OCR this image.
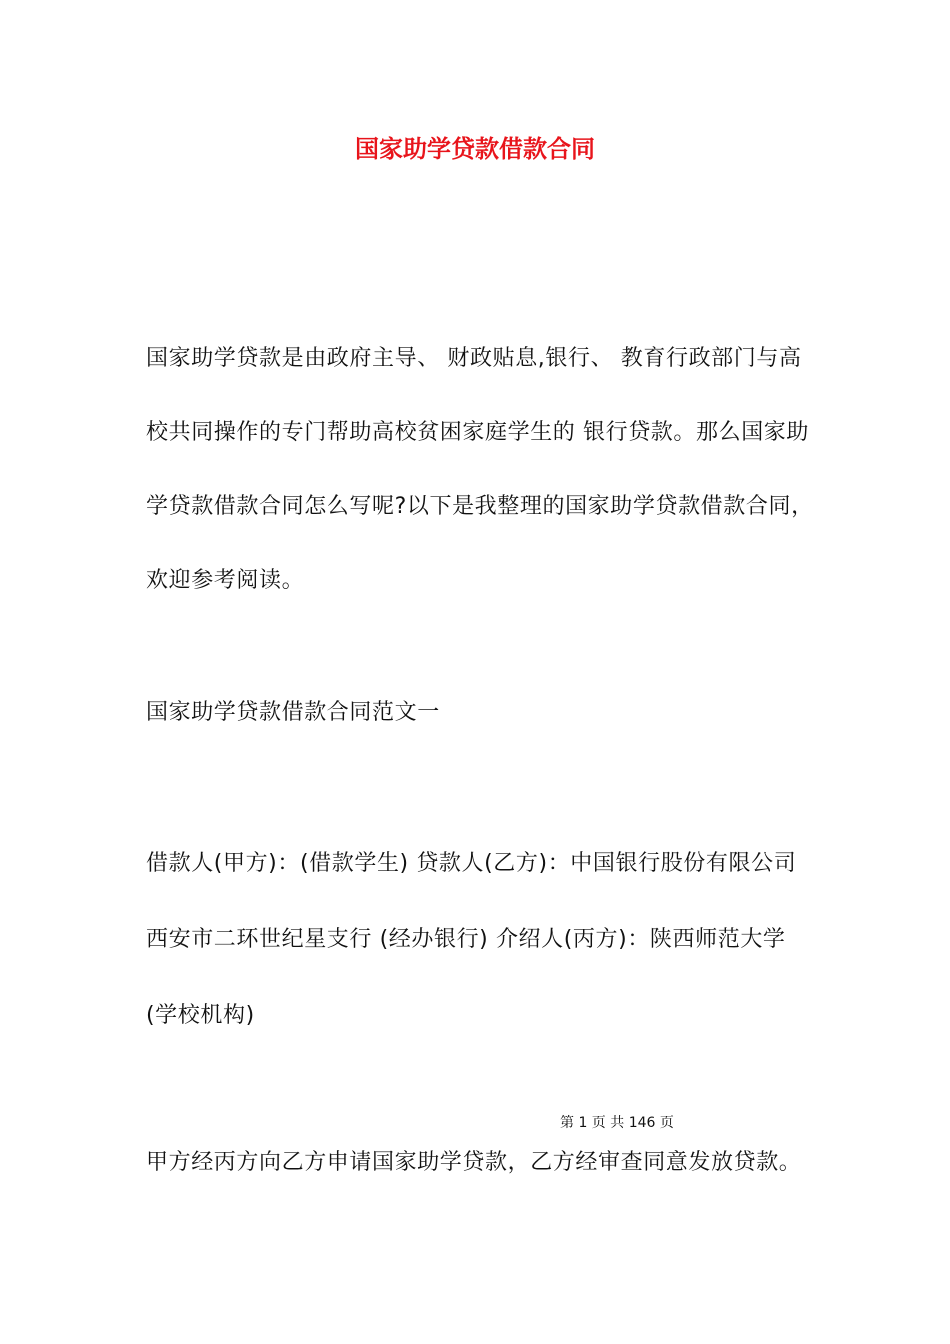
国家助学贷款借款合同
国家助学贷款是由政府主导、 财政贴息,银行、 教育行政部门与高
校共同操作的专门帮助高校贫困家庭学生的 银行贷款。那么国家助
学贷款借款合同怎么写呢?以下是我整理的国家助学贷款借款合同，
欢迎参考阅读。
国家助学贷款借款合同范文一
借款人(甲方)：(借款学生) 贷款人(乙方)：中国银行股份有限公司
西安市二环世纪星支行 (经办银行) 介绍人(丙方)：陕西师范大学
(学校机构)
第 1 页 共 146 页
甲方经丙方向乙方申请国家助学贷款，乙方经审查同意发放贷款。
